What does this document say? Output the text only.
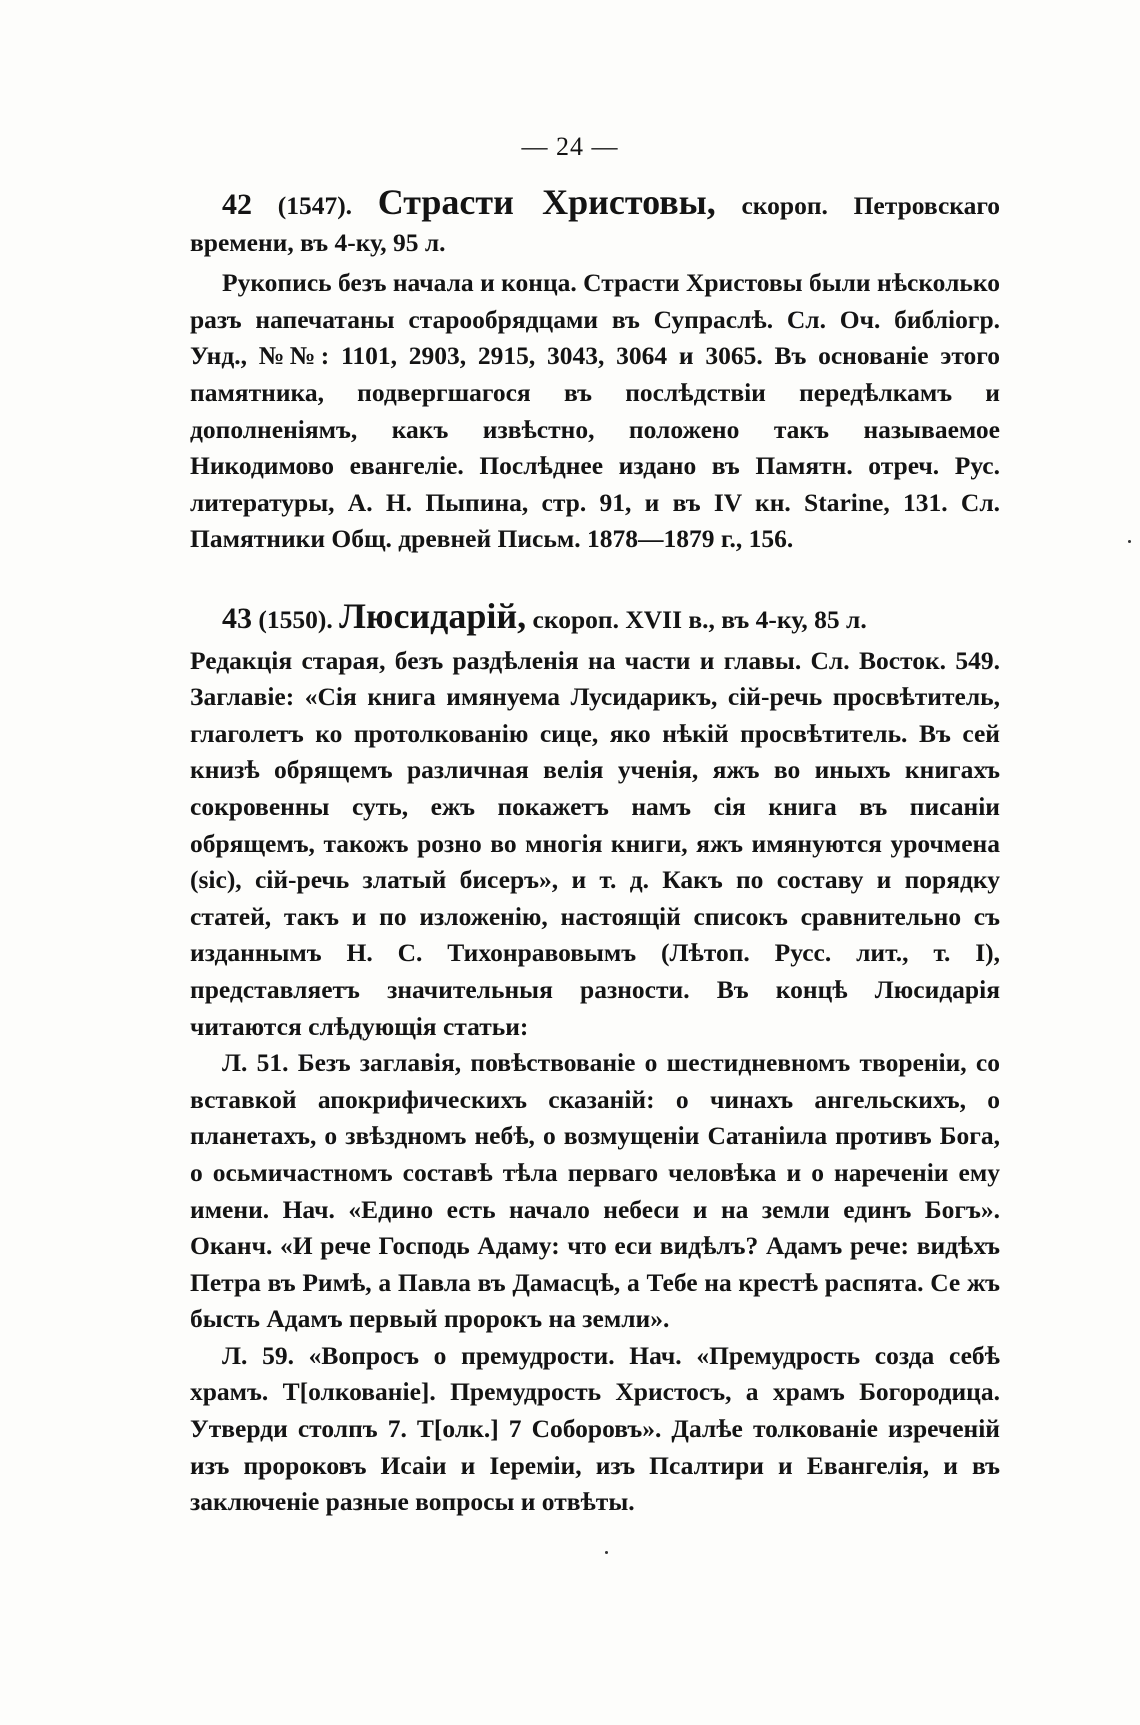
— 24 —

42 (1547). Страсти Христовы, скороп. Петровскаго времени, въ 4-ку, 95 л.

Рукопись безъ начала и конца. Страсти Христовы были нѣсколько разъ напечатаны старообрядцами въ Супраслѣ. Сл. Оч. библіогр. Унд., №№: 1101, 2903, 2915, 3043, 3064 и 3065. Въ основаніе этого памятника, подвергшагося въ послѣдствіи передѣлкамъ и дополненіямъ, какъ извѣстно, положено такъ называемое Никодимово евангеліе. Послѣднее издано въ Памятн. отреч. Рус. литературы, А. Н. Пыпина, стр. 91, и въ IV кн. Starine, 131. Сл. Памятники Общ. древней Письм. 1878—1879 г., 156.

43 (1550). Люсидарій, скороп. XVII в., въ 4-ку, 85 л.

Редакція старая, безъ раздѣленія на части и главы. Сл. Восток. 549. Заглавіе: «Сія книга имянуема Лусидарикъ, сій-речь просвѣтитель, глаголетъ ко протолкованію сице, яко нѣкій просвѣтитель. Въ сей книзѣ обрящемъ различная велія ученія, яжъ во иныхъ книгахъ сокровенны суть, ежъ покажетъ намъ сія книга въ писаніи обрящемъ, такожъ розно во многія книги, яжъ имянуются урочмена (sic), сій-речь златый бисеръ», и т. д. Какъ по составу и порядку статей, такъ и по изложенію, настоящій списокъ сравнительно съ изданнымъ Н. С. Тихонравовымъ (Лѣтоп. Русс. лит., т. I), представляетъ значительныя разности. Въ концѣ Люсидарія читаются слѣдующія статьи:

Л. 51. Безъ заглавія, повѣствованіе о шестидневномъ твореніи, со вставкой апокрифическихъ сказаній: о чинахъ ангельскихъ, о планетахъ, о звѣздномъ небѣ, о возмущеніи Сатаніила противъ Бога, о осьмичастномъ составѣ тѣла перваго человѣка и о нареченіи ему имени. Нач. «Едино есть начало небеси и на земли единъ Богъ». Оканч. «И рече Господь Адаму: что еси видѣлъ? Адамъ рече: видѣхъ Петра въ Римѣ, а Павла въ Дамасцѣ, а Тебе на крестѣ распята. Се жъ бысть Адамъ первый пророкъ на земли».

Л. 59. «Вопросъ о премудрости. Нач. «Премудрость созда себѣ храмъ. Т[олкованіе]. Премудрость Христосъ, а храмъ Богородица. Утверди столпъ 7. Т[олк.] 7 Соборовъ». Далѣе толкованіе изреченій изъ пророковъ Исаіи и Іереміи, изъ Псалтири и Евангелія, и въ заключеніе разные вопросы и отвѣты.
